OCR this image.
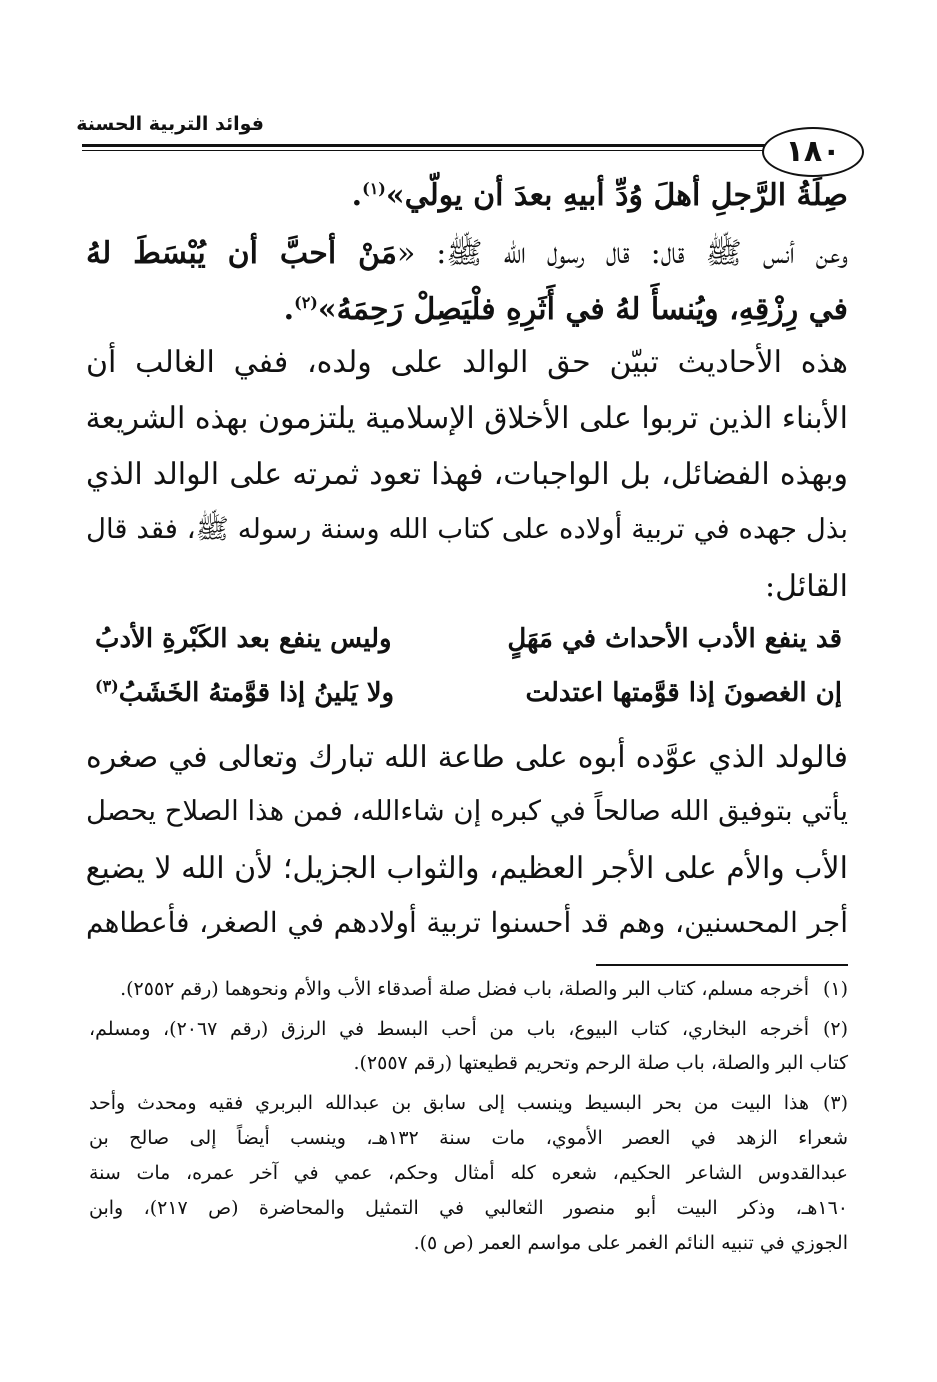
فوائد التربية الحسنة
١٨٠
صِلَةُ الرَّجلِ أهلَ وُدِّ أبيهِ بعدَ أن يولّي»$^{(١)}$.
وعن أنس ﷺ قال: قال رسول الله ﷺ: «مَنْ أحبَّ أن يُبْسَطَ لهُ
في رِزْقِهِ، ويُنسأَ لهُ في أَثَرِهِ فلْيَصِلْ رَحِمَهُ»$^{(٢)}$.
هذه الأحاديث تبيّن حق الوالد على ولده، ففي الغالب أن
الأبناء الذين تربوا على الأخلاق الإسلامية يلتزمون بهذه الشريعة
وبهذه الفضائل، بل الواجبات، فهذا تعود ثمرته على الوالد الذي
بذل جهده في تربية أولاده على كتاب الله وسنة رسوله ﷺ، فقد قال
القائل:
قد ينفع الأدب الأحداث في مَهَلٍ
وليس ينفع بعد الكَبْرةِ الأدبُ
إن الغصونَ إذا قوَّمتها اعتدلت
ولا يَلينُ إذا قوَّمتهُ الخَشَبُ$^{(٣)}$
فالولد الذي عوَّده أبوه على طاعة الله تبارك وتعالى في صغره
يأتي بتوفيق الله صالحاً في كبره إن شاءالله، فمن هذا الصلاح يحصل
الأب والأم على الأجر العظيم، والثواب الجزيل؛ لأن الله لا يضيع
أجر المحسنين، وهم قد أحسنوا تربية أولادهم في الصغر، فأعطاهم
(١)
أخرجه مسلم، كتاب البر والصلة، باب فضل صلة أصدقاء الأب والأم ونحوهما (رقم ٢٥٥٢).
(٢)
أخرجه البخاري، كتاب البيوع، باب من أحب البسط في الرزق (رقم ٢٠٦٧)، ومسلم،
كتاب البر والصلة، باب صلة الرحم وتحريم قطيعتها (رقم ٢٥٥٧).
(٣)
هذا البيت من بحر البسيط وينسب إلى سابق بن عبدالله البربري فقيه ومحدث وأحد
شعراء الزهد في العصر الأموي، مات سنة ١٣٢هـ، وينسب أيضاً إلى صالح بن
عبدالقدوس الشاعر الحكيم، شعره كله أمثال وحكم، عمي في آخر عمره، مات سنة
١٦٠هـ، وذكر البيت أبو منصور الثعالبي في التمثيل والمحاضرة (ص ٢١٧)، وابن
الجوزي في تنبيه النائم الغمر على مواسم العمر (ص ٥).
